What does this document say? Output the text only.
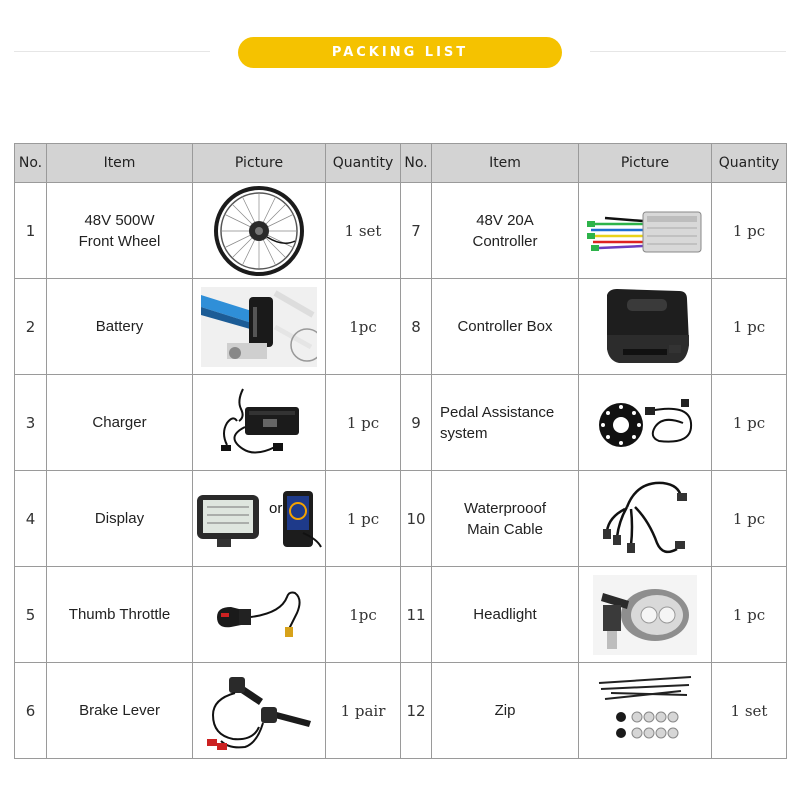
PACKING LIST
No.	Item	Picture	Quantity	No.	Item	Picture	Quantity
1	48V 500W
Front Wheel		1 set	7	48V 20A
Controller		1 pc
2	Battery		1pc	8	Controller Box		1 pc
3	Charger		1 pc	9	Pedal Assistance
system		1 pc
4	Display	or	1 pc	10	Waterprooof
Main Cable		1 pc
5	Thumb Throttle		1pc	11	Headlight		1 pc
6	Brake Lever		1 pair	12	Zip		1 set
